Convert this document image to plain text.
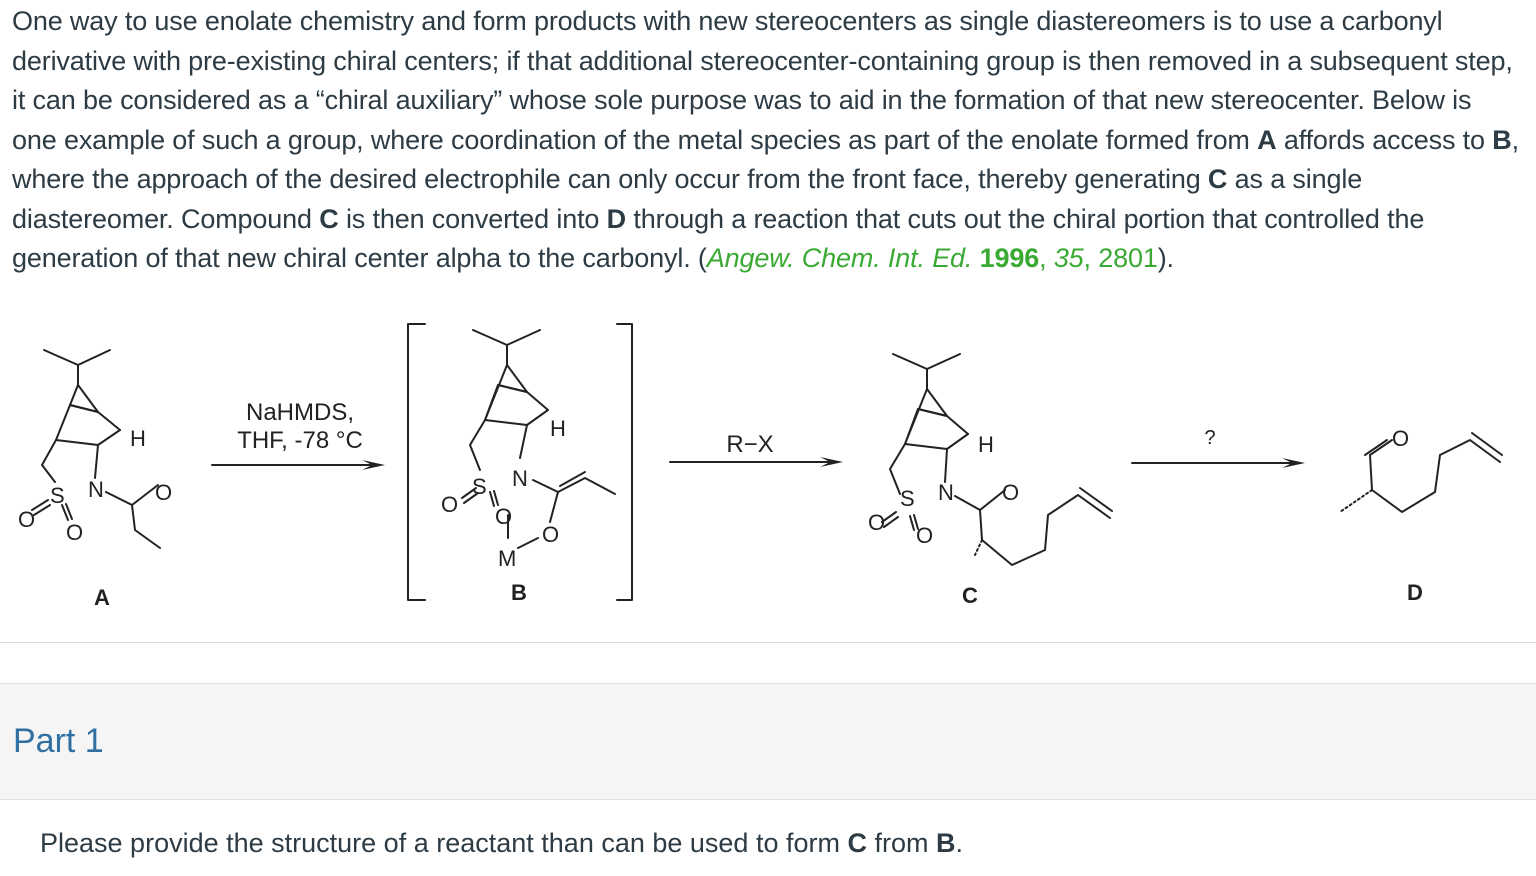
One way to use enolate chemistry and form products with new stereocenters as single diastereomers is to use a carbonyl derivative with pre-existing chiral centers; if that additional stereocenter-containing group is then removed in a subsequent step, it can be considered as a “chiral auxiliary” whose sole purpose was to aid in the formation of that new stereocenter. Below is one example of such a group, where coordination of the metal species as part of the enolate formed from A affords access to B, where the approach of the desired electrophile can only occur from the front face, thereby generating C as a single diastereomer. Compound C is then converted into D through a reaction that cuts out the chiral portion that controlled the generation of that new chiral center alpha to the carbonyl. (Angew. Chem. Int. Ed. 1996, 35, 2801).
H
N
S
O
O
O
H
N
S
O O
O
M
H
N
S
O
O
O
O
NaHMDS,
THF, -78 °C	R−X	?
A	B	C	D
Part 1
Please provide the structure of a reactant than can be used to form C from B.
